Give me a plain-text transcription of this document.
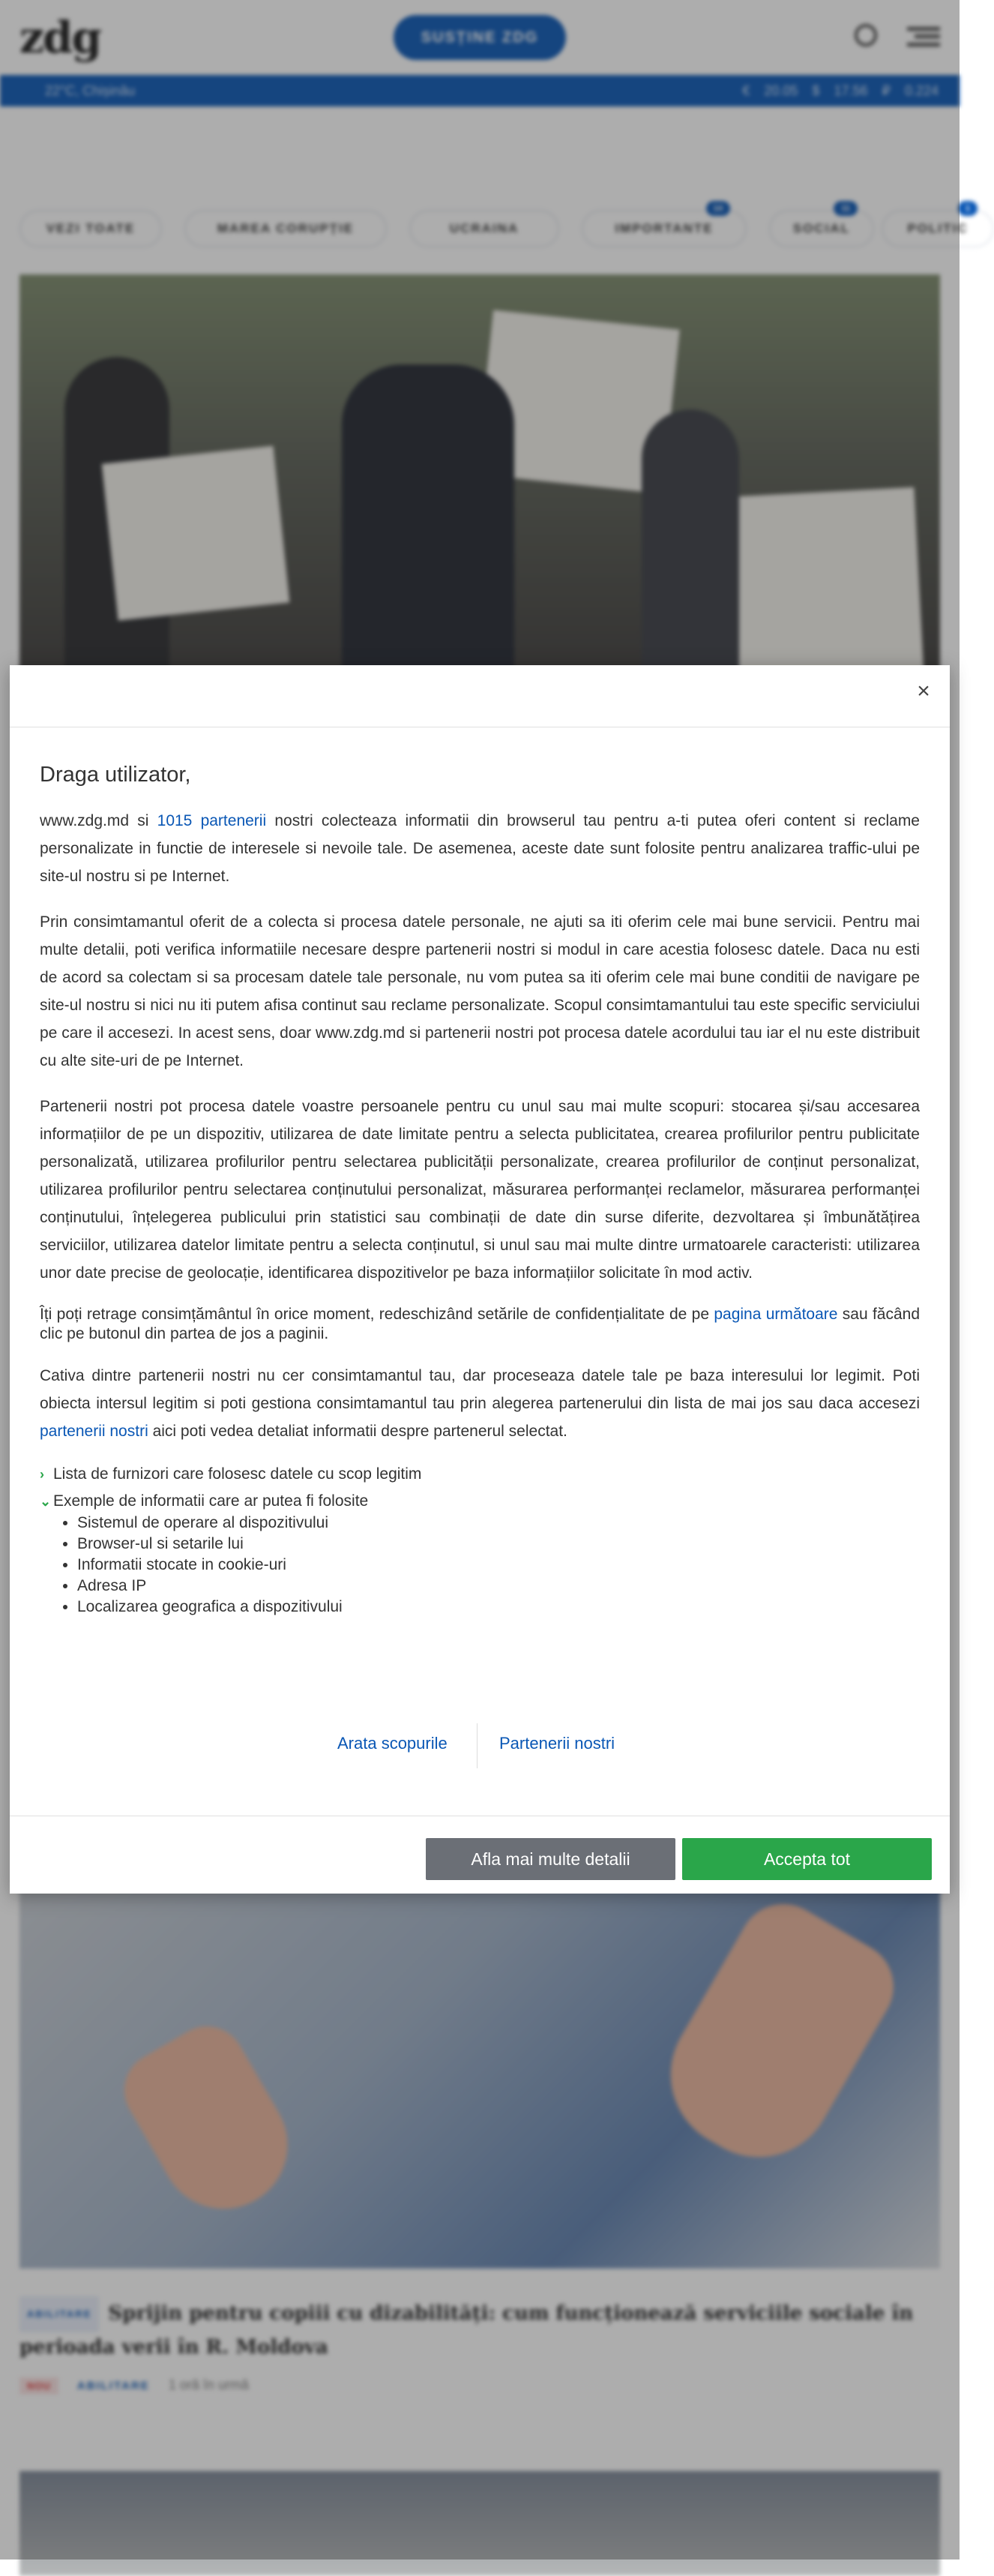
zdg	SUSȚINE ZDG
22°C, Chișinău	€ 20.05 $ 17.56 ₽ 0.224
VEZI TOATE	MAREA CORUPȚIE	UCRAINA	IMPORTANTE
14
SOCIAL
11
POLITIC
1
ABILITARE Sprijin pentru copiii cu dizabilități: cum funcționează serviciile sociale în perioada verii în R. Moldova
NOU ABILITARE 1 oră în urmă
×
Draga utilizator,

www.zdg.md si 1015 partenerii nostri colecteaza informatii din browserul tau pentru a-ti putea oferi content si reclame personalizate in functie de interesele si nevoile tale. De asemenea, aceste date sunt folosite pentru analizarea traffic-ului pe site-ul nostru si pe Internet.

Prin consimtamantul oferit de a colecta si procesa datele personale, ne ajuti sa iti oferim cele mai bune servicii. Pentru mai multe detalii, poti verifica informatiile necesare despre partenerii nostri si modul in care acestia folosesc datele. Daca nu esti de acord sa colectam si sa procesam datele tale personale, nu vom putea sa iti oferim cele mai bune conditii de navigare pe site-ul nostru si nici nu iti putem afisa continut sau reclame personalizate. Scopul consimtamantului tau este specific serviciului pe care il accesezi. In acest sens, doar www.zdg.md si partenerii nostri pot procesa datele acordului tau iar el nu este distribuit cu alte site-uri de pe Internet.

Partenerii nostri pot procesa datele voastre persoanele pentru cu unul sau mai multe scopuri: stocarea și/sau accesarea informațiilor de pe un dispozitiv, utilizarea de date limitate pentru a selecta publicitatea, crearea profilurilor pentru publicitate personalizată, utilizarea profilurilor pentru selectarea publicității personalizate, crearea profilurilor de conținut personalizat, utilizarea profilurilor pentru selectarea conținutului personalizat, măsurarea performanței reclamelor, măsurarea performanței conținutului, înțelegerea publicului prin statistici sau combinații de date din surse diferite, dezvoltarea și îmbunătățirea serviciilor, utilizarea datelor limitate pentru a selecta conținutul, si unul sau mai multe dintre urmatoarele caracteristi: utilizarea unor date precise de geolocație, identificarea dispozitivelor pe baza informațiilor solicitate în mod activ.

Îți poți retrage consimțământul în orice moment, redeschizând setările de confidențialitate de pe pagina următoare sau făcând clic pe butonul din partea de jos a paginii.

Cativa dintre partenerii nostri nu cer consimtamantul tau, dar proceseaza datele tale pe baza interesului lor legimit. Poti obiecta intersul legitim si poti gestiona consimtamantul tau prin alegerea partenerului din lista de mai jos sau daca accesezi partenerii nostri aici poti vedea detaliat informatii despre partenerul selectat.

› Lista de furnizori care folosesc datele cu scop legitim
⌄ Exemple de informatii care ar putea fi folosite
• Sistemul de operare al dispozitivului
• Browser-ul si setarile lui
• Informatii stocate in cookie-uri
• Adresa IP
• Localizarea geografica a dispozitivului
Arata scopurile	Partenerii nostri
Afla mai multe detalii	Accepta tot
